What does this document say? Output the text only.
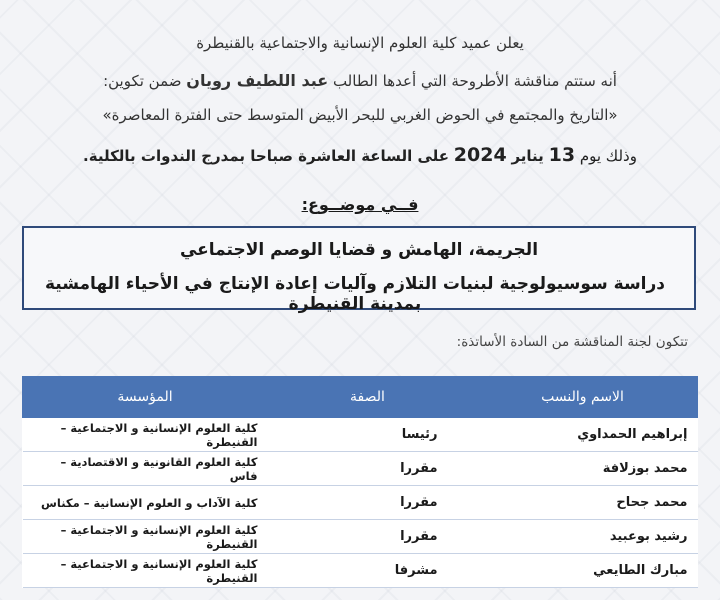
يعلن عميد كلية العلوم الإنسانية والاجتماعية بالقنيطرة
أنه ستتم مناقشة الأطروحة التي أعدها الطالب عبد اللطيف رويان ضمن تكوين:
«التاريخ والمجتمع في الحوض الغربي للبحر الأبيض المتوسط حتى الفترة المعاصرة»
وذلك يوم 13 يناير 2024 على الساعة العاشرة صباحا بمدرج الندوات بالكلية.
فــي موضــوع:
الجريمة، الهامش و قضايا الوصم الاجتماعي
دراسة سوسيولوجية لبنيات التلازم وآليات إعادة الإنتاج في الأحياء الهامشية بمدينة القنيطرة
تتكون لجنة المناقشة من السادة الأساتذة:
الاسم والنسب	الصفة	المؤسسة
إبراهيم الحمداوي	رئيسا	كلية العلوم الإنسانية و الاجتماعية – القنيطرة
محمد بوزلافة	مقررا	كلية العلوم القانونية و الاقتصادية – فاس
محمد جحاح	مقررا	كلية الآداب و العلوم الإنسانية – مكناس
رشيد بوعبيد	مقررا	كلية العلوم الإنسانية و الاجتماعية – القنيطرة
مبارك الطايعي	مشرفا	كلية العلوم الإنسانية و الاجتماعية – القنيطرة
